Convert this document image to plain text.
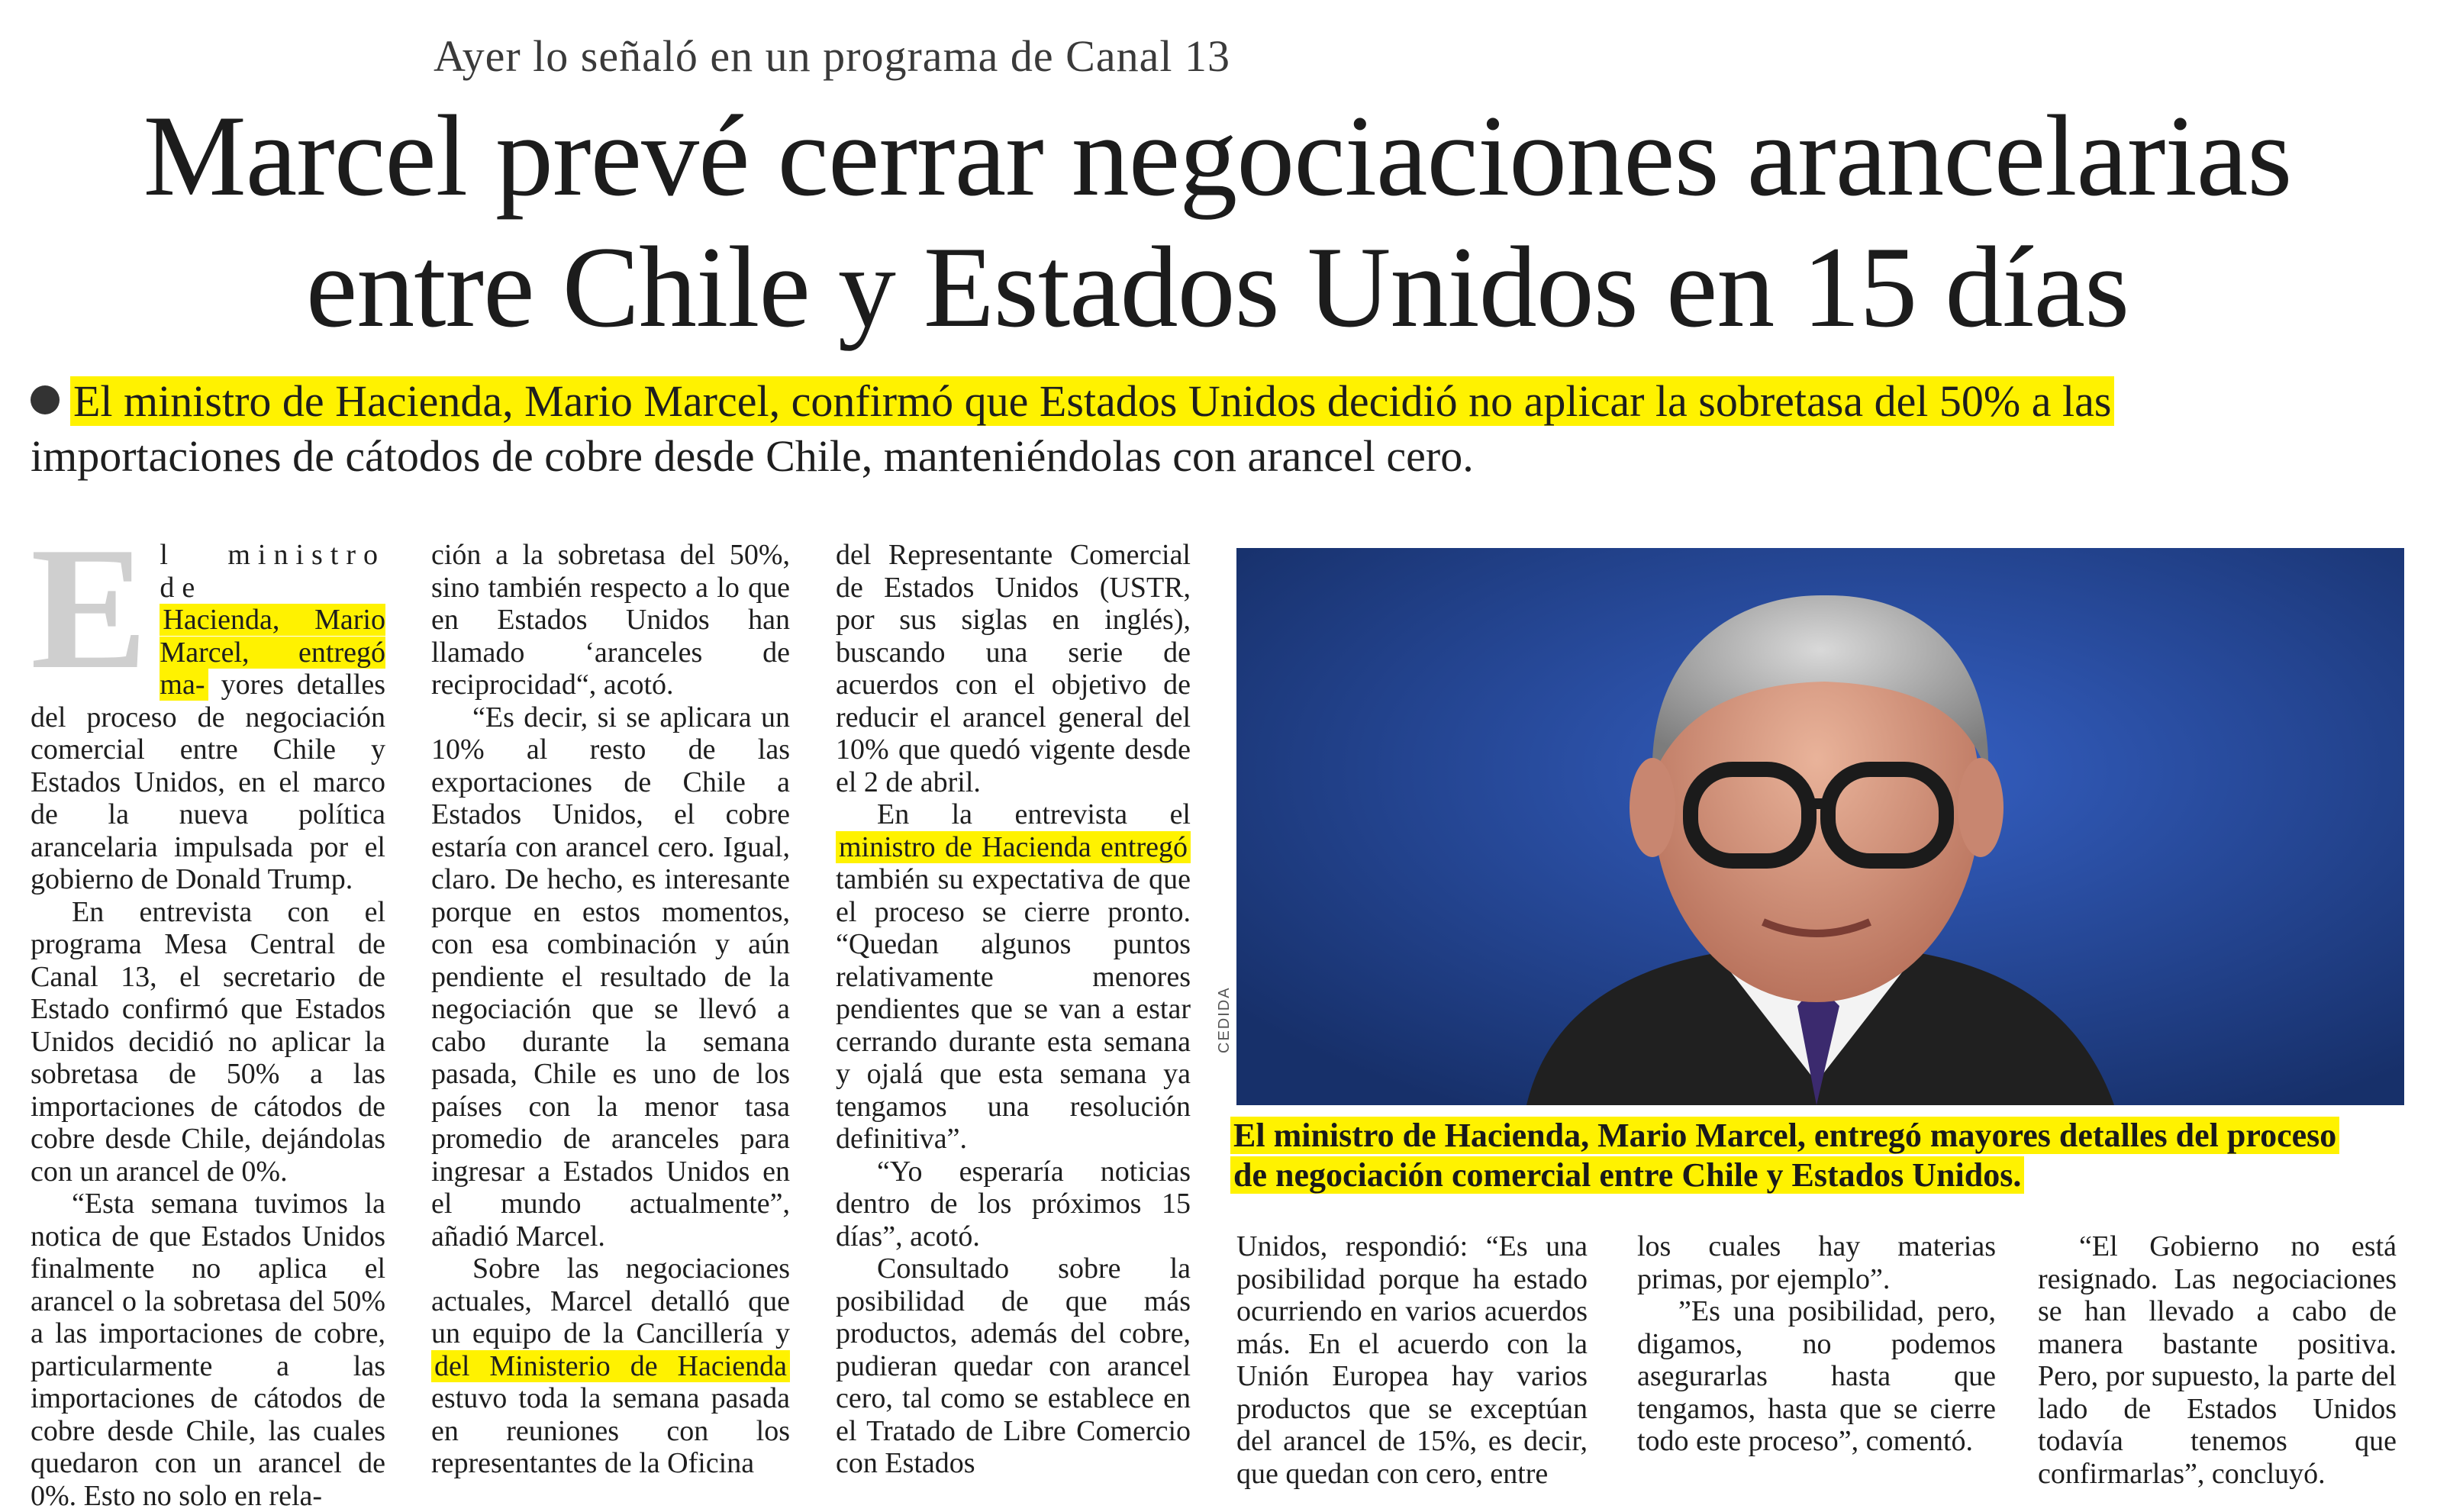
Ayer lo señaló en un programa de Canal 13
Marcel prevé cerrar negociaciones arancelarias
entre Chile y Estados Unidos en 15 días
El ministro de Hacienda, Mario Marcel, confirmó que Estados Unidos decidió no aplicar la sobretasa del 50% a las
importaciones de cátodos de cobre desde Chile, manteniéndolas con arancel cero.

El ministro de
Hacienda, Mario Marcel, entregó ma- yores detalles del proceso de negociación comercial entre Chile y Estados Unidos, en el marco de la nueva política arancelaria impulsada por el gobierno de Donald Trump.

En entrevista con el programa Mesa Central de Canal 13, el secretario de Estado confirmó que Estados Unidos decidió no aplicar la sobretasa de 50% a las importaciones de cátodos de cobre desde Chile, dejándolas con un arancel de 0%.

“Esta semana tuvimos la notica de que Estados Unidos finalmente no aplica el arancel o la sobretasa del 50% a las importaciones de cobre, particularmente a las importaciones de cátodos de cobre desde Chile, las cuales quedaron con un arancel de 0%. Esto no solo en rela-

ción a la sobretasa del 50%, sino también respecto a lo que en Estados Unidos han llamado ‘aranceles de reciprocidad“, acotó.

“Es decir, si se aplicara un 10% al resto de las exportaciones de Chile a Estados Unidos, el cobre estaría con arancel cero. Igual, claro. De hecho, es interesante porque en estos momentos, con esa combinación y aún pendiente el resultado de la negociación que se llevó a cabo durante la semana pasada, Chile es uno de los países con la menor tasa promedio de aranceles para ingresar a Estados Unidos en el mundo actualmente”, añadió Marcel.

Sobre las negociaciones actuales, Marcel detalló que un equipo de la Cancillería y del Ministerio de Hacienda estuvo toda la semana pasada en reuniones con los representantes de la Oficina

del Representante Comercial de Estados Unidos (USTR, por sus siglas en inglés), buscando una serie de acuerdos con el objetivo de reducir el arancel general del 10% que quedó vigente desde el 2 de abril.

En la entrevista el ministro de Hacienda entregó también su expectativa de que el proceso se cierre pronto. “Quedan algunos puntos relativamente menores pendientes que se van a estar cerrando durante esta semana y ojalá que esta semana ya tengamos una resolución definitiva”.

“Yo esperaría noticias dentro de los próximos 15 días”, acotó.

Consultado sobre la posibilidad de que más productos, además del cobre, pudieran quedar con arancel cero, tal como se establece en el Tratado de Libre Comercio con Estados

CEDIDA
El ministro de Hacienda, Mario Marcel, entregó mayores detalles del proceso
de negociación comercial entre Chile y Estados Unidos.

Unidos, respondió: “Es una posibilidad porque ha estado ocurriendo en varios acuerdos más. En el acuerdo con la Unión Europea hay varios productos que se exceptúan del arancel de 15%, es decir, que quedan con cero, entre

los cuales hay materias primas, por ejemplo”.

”Es una posibilidad, pero, digamos, no podemos asegurarlas hasta que tengamos, hasta que se cierre todo este proceso”, comentó.

“El Gobierno no está resignado. Las negociaciones se han llevado a cabo de manera bastante positiva. Pero, por supuesto, la parte del lado de Estados Unidos todavía tenemos que confirmarlas”, concluyó.
